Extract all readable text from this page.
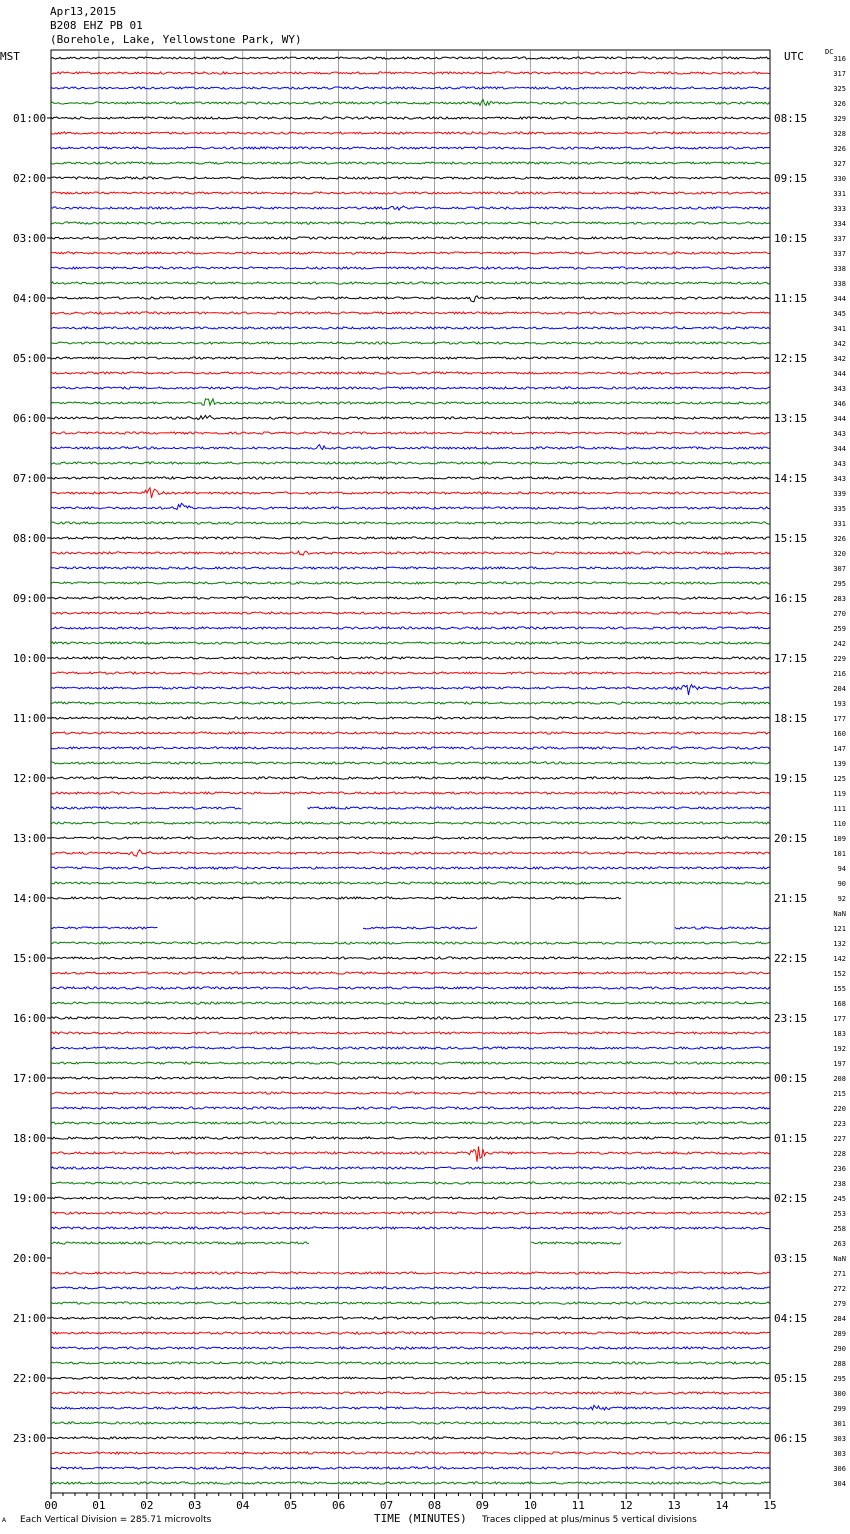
Apr13,2015
B208 EHZ PB 01
(Borehole, Lake, Yellowstone Park, WY)
MST	UTC	DC
00	01	02	03	04	05	06	07	08	09	10	11	12	13	14	15
316
317
325
326
329
328
326
327
330
331
333
334
337
337
338
338
344
345
341
342
342
344
343
346
344
343
344
343
343
339
335
331
326
320
307
295
283
270
259
242
229
216
204
193
177
160
147
139
125
119
111
110
109
101
94
90
92
NaN
121
132
142
152
155
168
177
183
192
197
208
215
220
223
227
228
236
238
245
253
258
263
NaN
271
272
279
284
289
290
288
295
300
299
301
303
303
306
304
01:00
02:00
03:00
04:00
05:00
06:00
07:00
08:00
09:00
10:00
11:00
12:00
13:00
14:00
15:00
16:00
17:00
18:00
19:00
20:00
21:00
22:00
23:00
08:15
09:15
10:15
11:15
12:15
13:15
14:15
15:15
16:15
17:15
18:15
19:15
20:15
21:15
22:15
23:15
00:15
01:15
02:15
03:15
04:15
05:15
06:15
A Each Vertical Division = 285.71 microvolts	TIME (MINUTES) Traces clipped at plus/minus 5 vertical divisions
